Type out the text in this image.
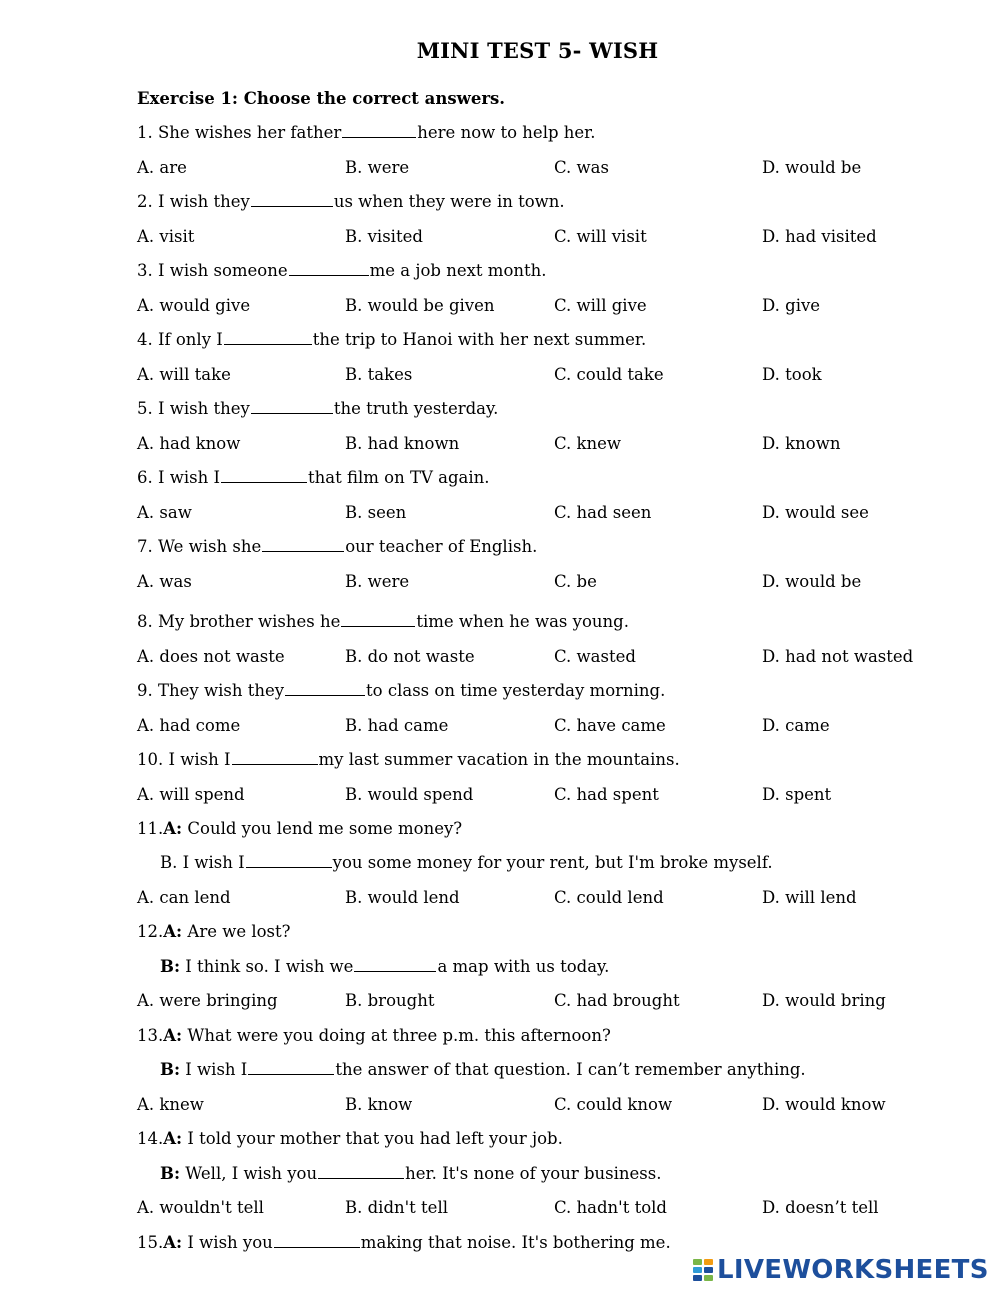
MINI TEST 5- WISH
Exercise 1: Choose the correct answers.
1. She wishes her father	here now to help her.
A. are	B. were	C. was	D. would be
2. I wish they	us when they were in town.
A. visit	B. visited	C. will visit	D. had visited
3. I wish someone	me a job next month.
A. would give	B. would be given	C. will give	D. give
4. If only I	the trip to Hanoi with her next summer.
A. will take	B. takes	C. could take	D. took
5. I wish they	the truth yesterday.
A. had know	B. had known	C. knew	D. known
6. I wish I	that film on TV again.
A. saw	B. seen	C. had seen	D. would see
7. We wish she	our teacher of English.
A. was	B. were	C. be	D. would be
8. My brother wishes he	time when he was young.
A. does not waste	B. do not waste	C. wasted	D. had not wasted
9. They wish they	to class on time yesterday morning.
A. had come	B. had came	C. have came	D. came
10. I wish I	my last summer vacation in the mountains.
A. will spend	B. would spend	C. had spent	D. spent
11.A: Could you lend me some money?
B. I wish I	you some money for your rent, but I'm broke myself.
A. can lend	B. would lend	C. could lend	D. will lend
12.A: Are we lost?
B: I think so. I wish we	a map with us today.
A. were bringing	B. brought	C. had brought	D. would bring
13.A: What were you doing at three p.m. this afternoon?
B: I wish I	the answer of that question. I can’t remember anything.
A. knew	B. know	C. could know	D. would know
14.A: I told your mother that you had left your job.
B: Well, I wish you	her. It's none of your business.
A. wouldn't tell	B. didn't tell	C. hadn't told	D. doesn’t tell
15.A: I wish you	making that noise. It's bothering me.
LIVEWORKSHEETS
